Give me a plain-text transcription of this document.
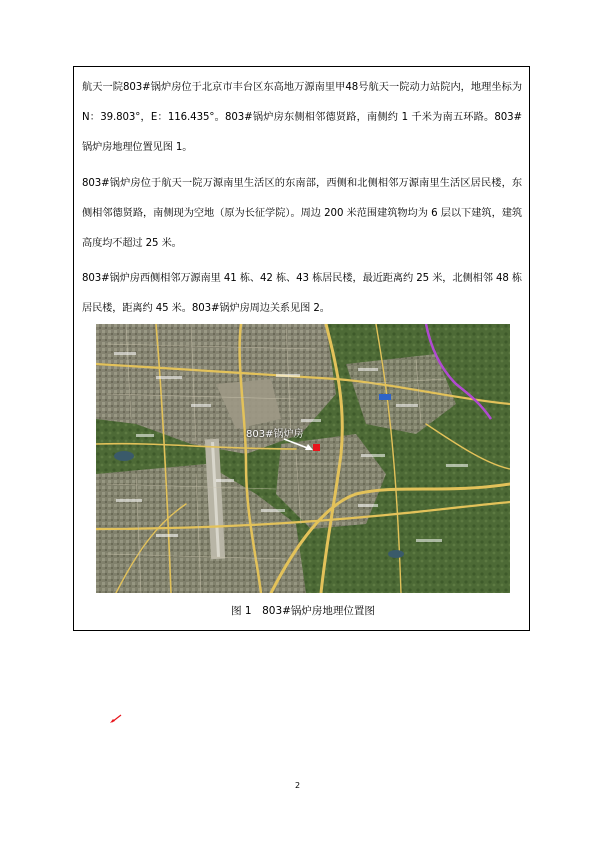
航天一院803#锅炉房位于北京市丰台区东高地万源南里甲48号航天一院动力站院内，地理坐标为 N：39.803°，E：116.435°。803#锅炉房东侧相邻德贤路，南侧约 1 千米为南五环路。803#锅炉房地理位置见图 1。

803#锅炉房位于航天一院万源南里生活区的东南部，西侧和北侧相邻万源南里生活区居民楼，东侧相邻德贤路，南侧现为空地（原为长征学院）。周边 200 米范围建筑物均为 6 层以下建筑，建筑高度均不超过 25 米。

803#锅炉房西侧相邻万源南里 41 栋、42 栋、43 栋居民楼，最近距离约 25 米，北侧相邻 48 栋居民楼，距离约 45 米。803#锅炉房周边关系见图 2。

803#锅炉房

图 1　803#锅炉房地理位置图

2
